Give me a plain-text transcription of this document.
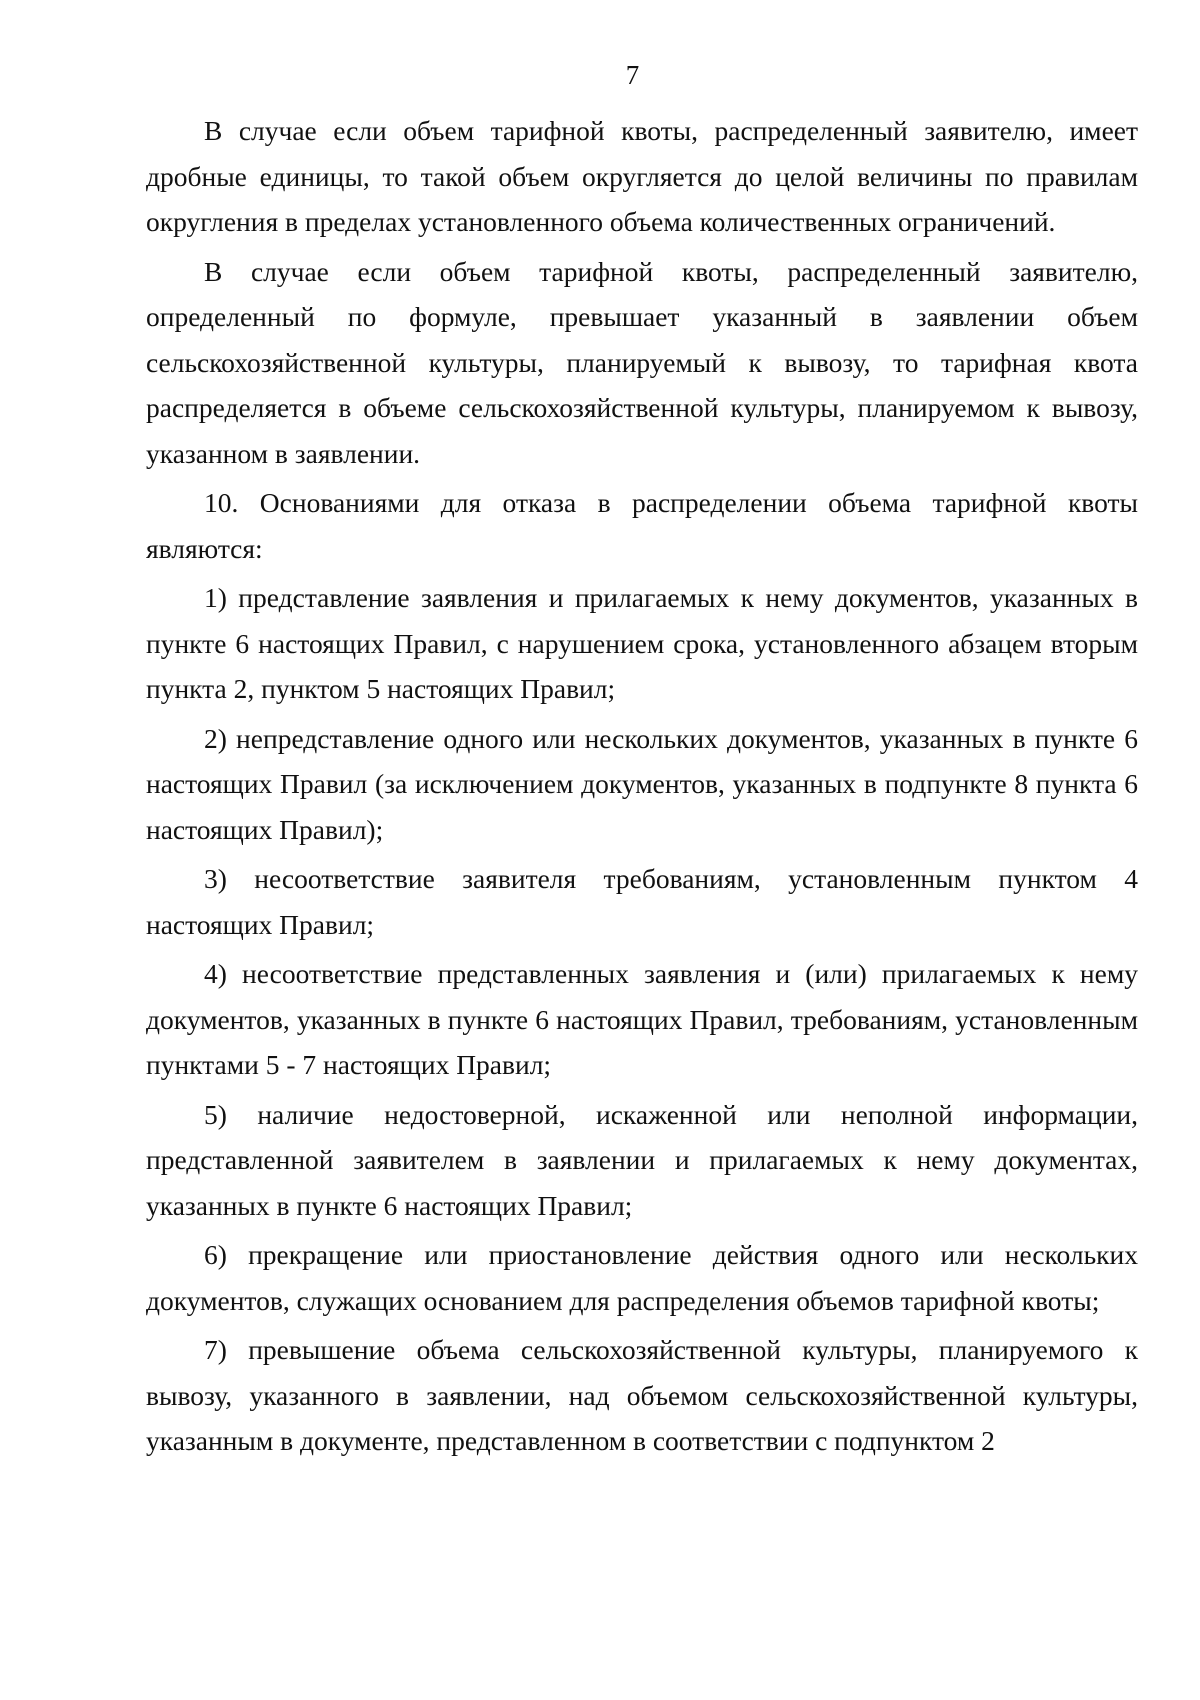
7

В случае если объем тарифной квоты, распределенный заявителю, имеет дробные единицы, то такой объем округляется до целой величины по правилам округления в пределах установленного объема количественных ограничений.

В случае если объем тарифной квоты, распределенный заявителю, определенный по формуле, превышает указанный в заявлении объем сельскохозяйственной культуры, планируемый к вывозу, то тарифная квота распределяется в объеме сельскохозяйственной культуры, планируемом к вывозу, указанном в заявлении.

10. Основаниями для отказа в распределении объема тарифной квоты являются:

1) представление заявления и прилагаемых к нему документов, указанных в пункте 6 настоящих Правил, с нарушением срока, установленного абзацем вторым пункта 2, пунктом 5 настоящих Правил;

2) непредставление одного или нескольких документов, указанных в пункте 6 настоящих Правил (за исключением документов, указанных в подпункте 8 пункта 6 настоящих Правил);

3) несоответствие заявителя требованиям, установленным пунктом 4 настоящих Правил;

4) несоответствие представленных заявления и (или) прилагаемых к нему документов, указанных в пункте 6 настоящих Правил, требованиям, установленным пунктами 5 - 7 настоящих Правил;

5) наличие недостоверной, искаженной или неполной информации, представленной заявителем в заявлении и прилагаемых к нему документах, указанных в пункте 6 настоящих Правил;

6) прекращение или приостановление действия одного или нескольких документов, служащих основанием для распределения объемов тарифной квоты;

7) превышение объема сельскохозяйственной культуры, планируемого к вывозу, указанного в заявлении, над объемом сельскохозяйственной культуры, указанным в документе, представленном в соответствии с подпунктом 2
